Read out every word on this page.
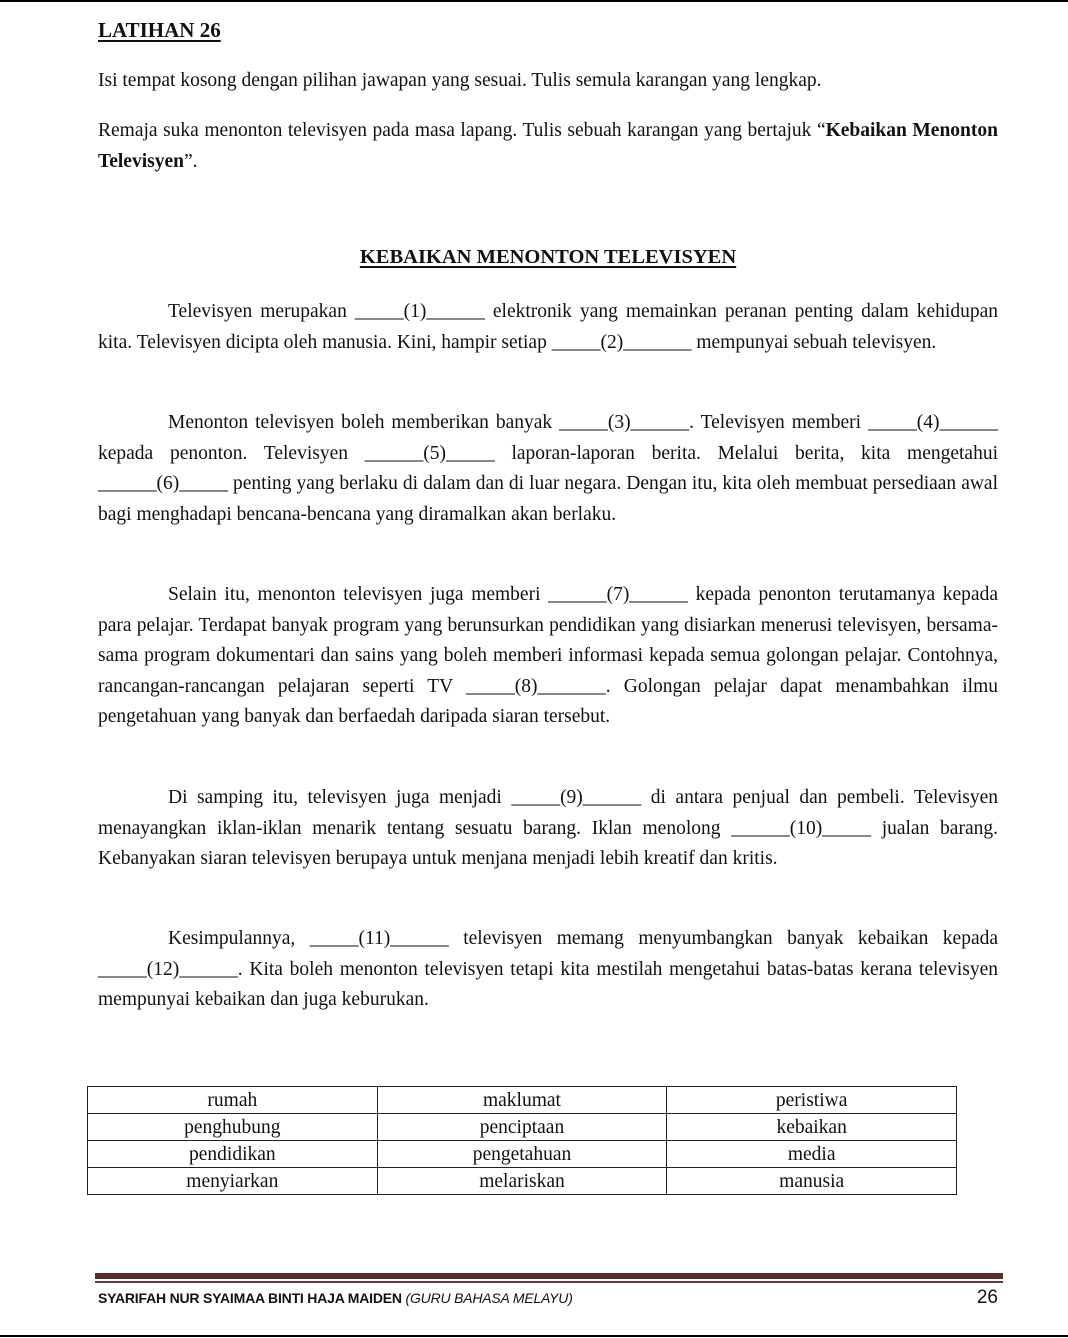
LATIHAN 26

Isi tempat kosong dengan pilihan jawapan yang sesuai. Tulis semula karangan yang lengkap.

Remaja suka menonton televisyen pada masa lapang. Tulis sebuah karangan yang bertajuk “Kebaikan Menonton Televisyen”.

KEBAIKAN MENONTON TELEVISYEN

Televisyen merupakan _____(1)______ elektronik yang memainkan peranan penting dalam kehidupan kita. Televisyen dicipta oleh manusia. Kini, hampir setiap _____(2)_______ mempunyai sebuah televisyen.

Menonton televisyen boleh memberikan banyak _____(3)______. Televisyen memberi _____(4)______ kepada penonton. Televisyen ______(5)_____ laporan-laporan berita. Melalui berita, kita mengetahui ______(6)_____ penting yang berlaku di dalam dan di luar negara. Dengan itu, kita oleh membuat persediaan awal bagi menghadapi bencana-bencana yang diramalkan akan berlaku.

Selain itu, menonton televisyen juga memberi ______(7)______ kepada penonton terutamanya kepada para pelajar. Terdapat banyak program yang berunsurkan pendidikan yang disiarkan menerusi televisyen, bersama-sama program dokumentari dan sains yang boleh memberi informasi kepada semua golongan pelajar. Contohnya, rancangan-rancangan pelajaran seperti TV _____(8)_______. Golongan pelajar dapat menambahkan ilmu pengetahuan yang banyak dan berfaedah daripada siaran tersebut.

Di samping itu, televisyen juga menjadi _____(9)______ di antara penjual dan pembeli. Televisyen menayangkan iklan-iklan menarik tentang sesuatu barang. Iklan menolong ______(10)_____ jualan barang. Kebanyakan siaran televisyen berupaya untuk menjana menjadi lebih kreatif dan kritis.

Kesimpulannya, _____(11)______ televisyen memang menyumbangkan banyak kebaikan kepada _____(12)______. Kita boleh menonton televisyen tetapi kita mestilah mengetahui batas-batas kerana televisyen mempunyai kebaikan dan juga keburukan.

rumah	maklumat	peristiwa
penghubung	penciptaan	kebaikan
pendidikan	pengetahuan	media
menyiarkan	melariskan	manusia
SYARIFAH NUR SYAIMAA BINTI HAJA MAIDEN (GURU BAHASA MELAYU)	26
